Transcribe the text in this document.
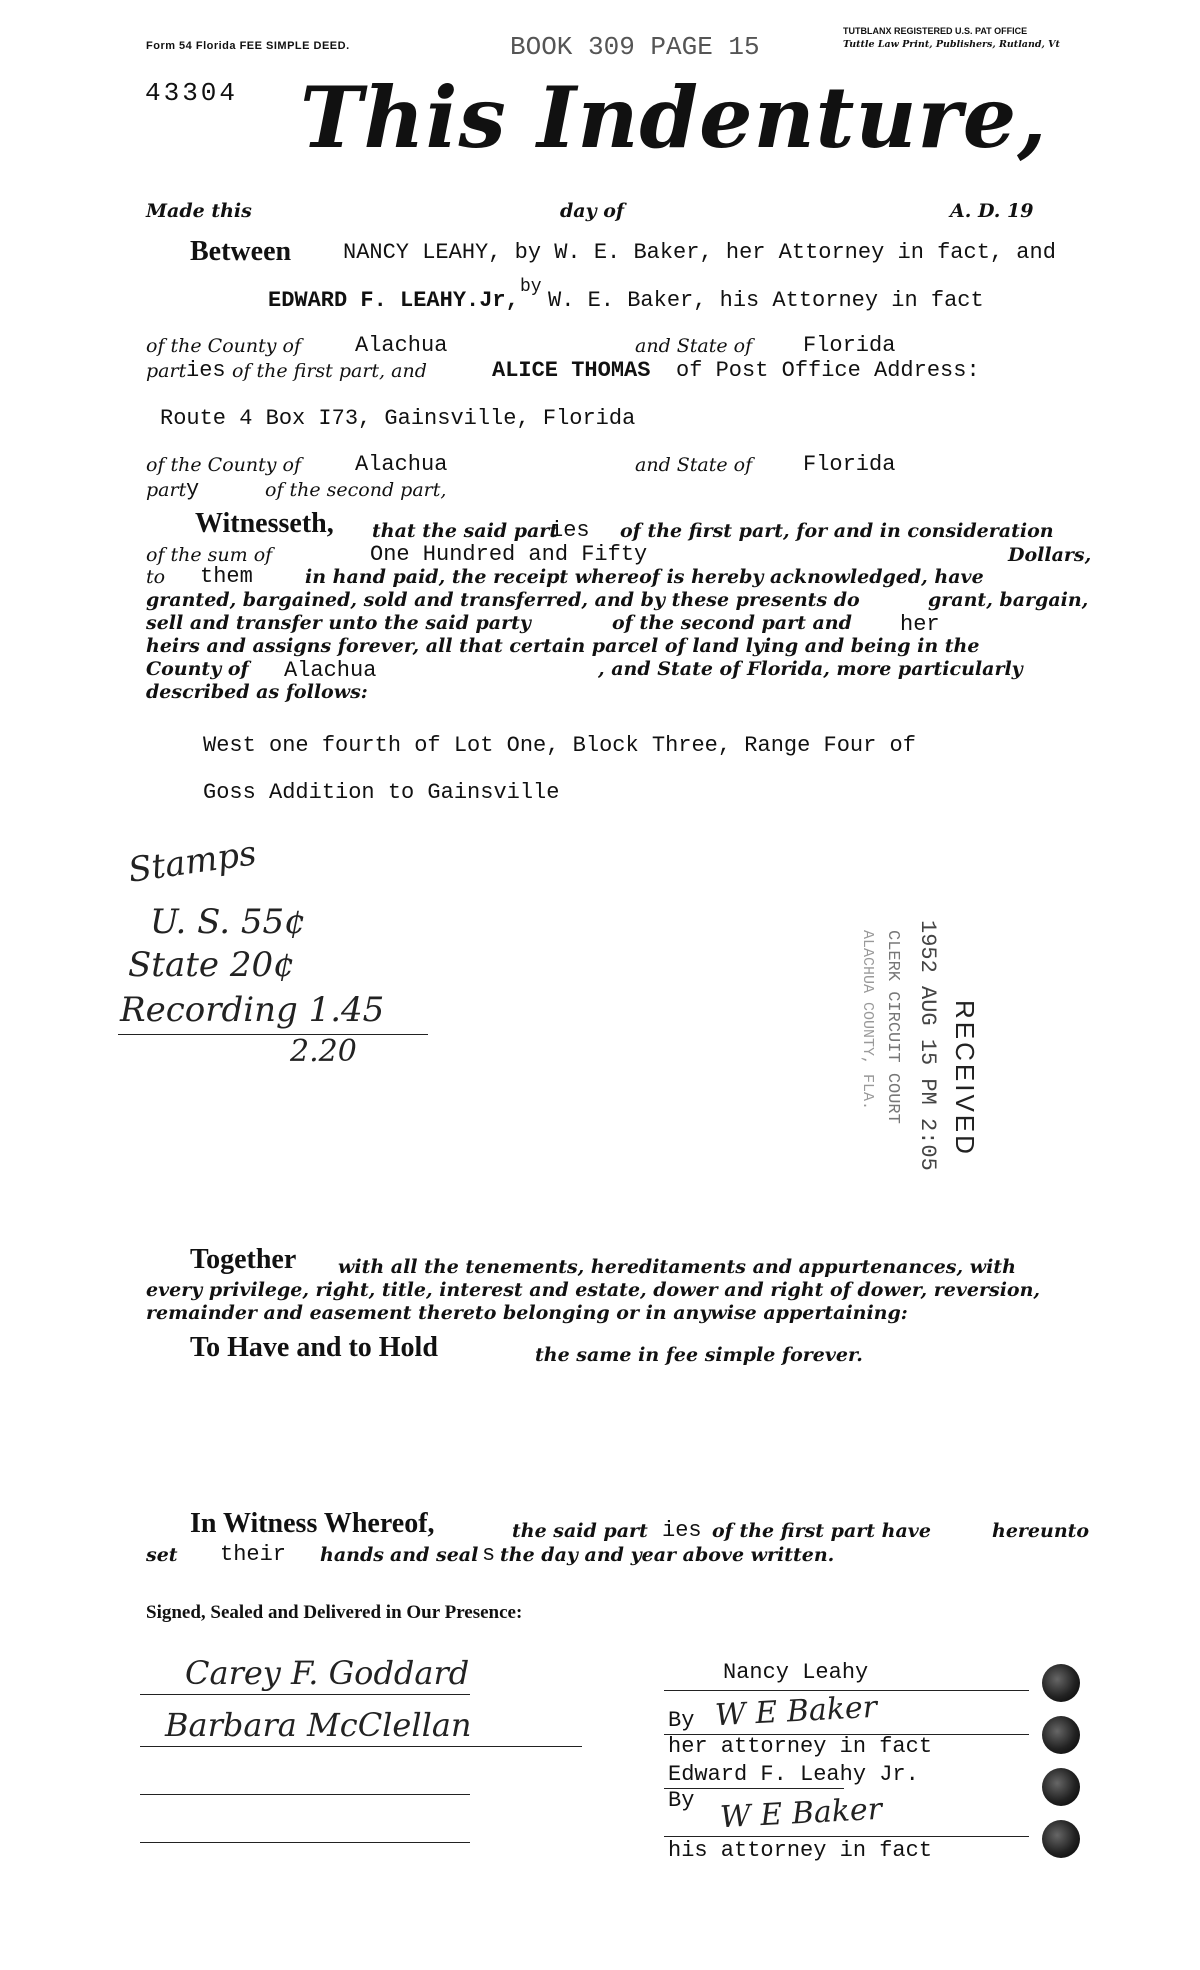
Form 54 Florida FEE SIMPLE DEED.	BOOK 309 PAGE 15
TUTBLANX REGISTERED U.S. PAT OFFICE
Tuttle Law Print, Publishers, Rutland, Vt
43304 This Indenture,
Made this	day of	A. D. 19
Between NANCY LEAHY, by W. E. Baker, her Attorney in fact, and
EDWARD F. LEAHY.Jr,
by
W. E. Baker, his Attorney in fact
of the County of Alachua	and State of Florida
part ies of the first part, and	ALICE THOMAS of Post Office Address:
Route 4 Box I73, Gainsville, Florida
of the County of Alachua	and State of Florida
part y	of the second part,
Witnesseth, that the said part
ies of the first part, for and in consideration
of the sum of	One Hundred and Fifty	Dollars,
to them	in hand paid, the receipt whereof is hereby acknowledged, have
granted, bargained, sold and transferred, and by these presents do	grant, bargain,
sell and transfer unto the said party	of the second part and her
heirs and assigns forever, all that certain parcel of land lying and being in the
County of Alachua	, and State of Florida, more particularly
described as follows:
West one fourth of Lot One, Block Three, Range Four of
Goss Addition to Gainsville
Stamps
U. S. 55¢
State 20¢
Recording 1.45
2.20	RECEIVED
1952 AUG 15 PM 2:05
CLERK CIRCUIT COURT
ALACHUA COUNTY, FLA.
Together with all the tenements, hereditaments and appurtenances, with
every privilege, right, title, interest and estate, dower and right of dower, reversion,
remainder and easement thereto belonging or in anywise appertaining:
To Have and to Hold	the same in fee simple forever.
In Witness Whereof,	the said part ies of the first part have	hereunto
set their hands and seal s the day and year above written.
Signed, Sealed and Delivered in Our Presence:
Carey F. Goddard
Barbara McClellan
Nancy Leahy
By W E Baker
her attorney in fact
Edward F. Leahy Jr.
By W E Baker
his attorney in fact
